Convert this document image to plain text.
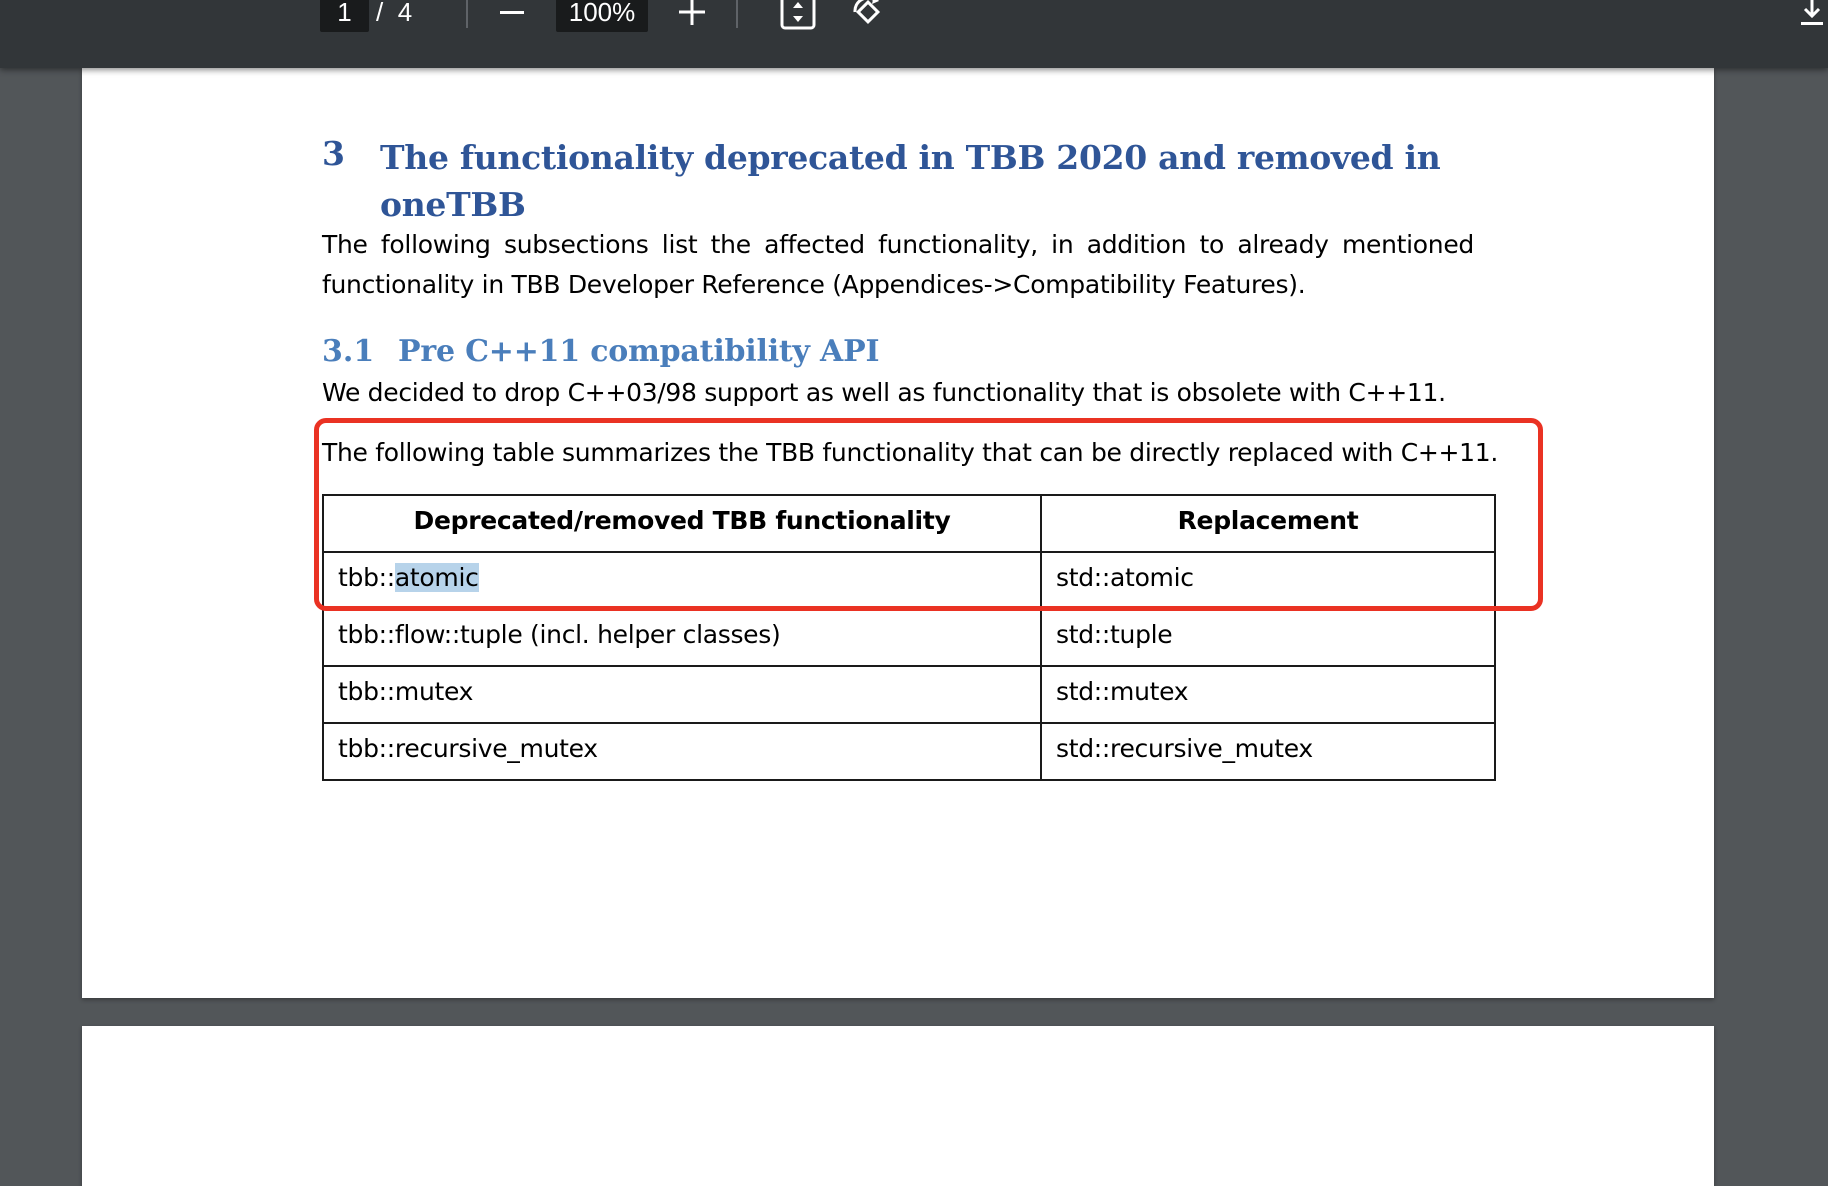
1 / 4	100%
3 The functionality deprecated in TBB 2020 and removed in
oneTBB
The following subsections list the affected functionality, in addition to already mentioned
functionality in TBB Developer Reference (Appendices->Compatibility Features).
3.1 Pre C++11 compatibility API
We decided to drop C++03/98 support as well as functionality that is obsolete with C++11.
The following table summarizes the TBB functionality that can be directly replaced with C++11.
Deprecated/removed TBB functionality	Replacement
tbb::atomic	std::atomic
tbb::flow::tuple (incl. helper classes)	std::tuple
tbb::mutex	std::mutex
tbb::recursive_mutex	std::recursive_mutex
